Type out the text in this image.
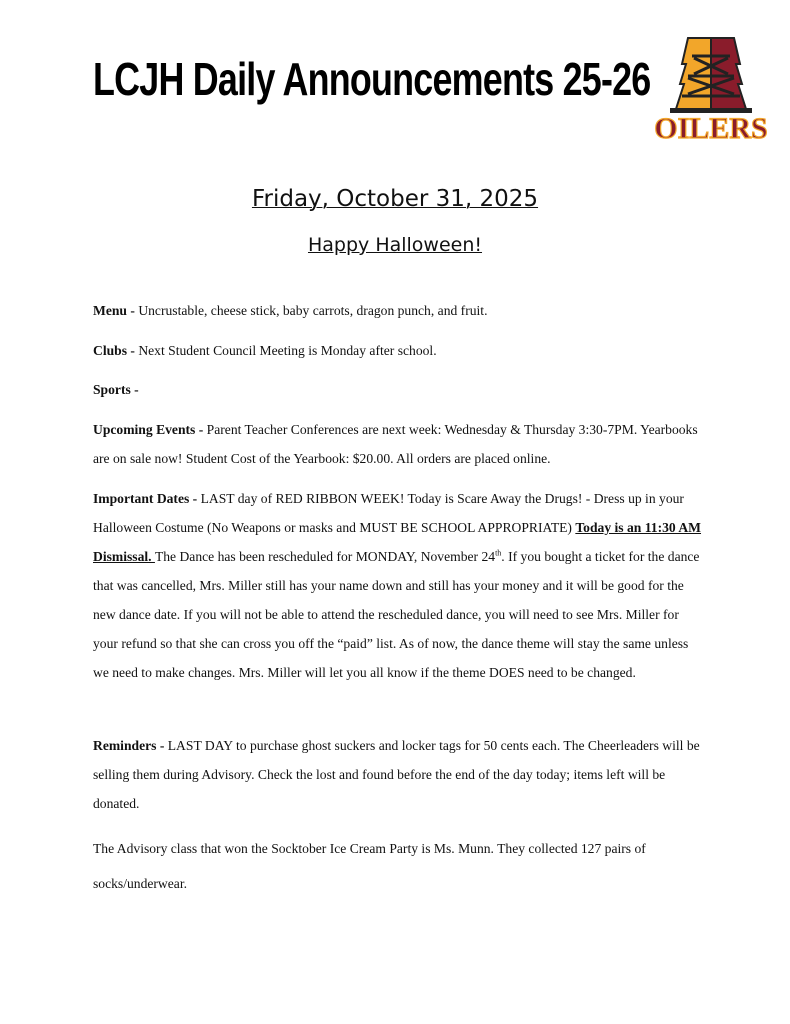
LCJH Daily Announcements 25-26
OILERS
Friday, October 31, 2025
Happy Halloween!
Menu - Uncrustable, cheese stick, baby carrots, dragon punch, and fruit.
Clubs - Next Student Council Meeting is Monday after school.
Sports -
Upcoming Events - Parent Teacher Conferences are next week: Wednesday & Thursday 3:30-7PM. Yearbooks are on sale now! Student Cost of the Yearbook: $20.00. All orders are placed online.
Important Dates - LAST day of RED RIBBON WEEK! Today is Scare Away the Drugs! - Dress up in your Halloween Costume (No Weapons or masks and MUST BE SCHOOL APPROPRIATE) Today is an 11:30 AM Dismissal. The Dance has been rescheduled for MONDAY, November 24th. If you bought a ticket for the dance that was cancelled, Mrs. Miller still has your name down and still has your money and it will be good for the new dance date. If you will not be able to attend the rescheduled dance, you will need to see Mrs. Miller for your refund so that she can cross you off the “paid” list. As of now, the dance theme will stay the same unless we need to make changes. Mrs. Miller will let you all know if the theme DOES need to be changed.
Reminders - LAST DAY to purchase ghost suckers and locker tags for 50 cents each. The Cheerleaders will be selling them during Advisory. Check the lost and found before the end of the day today; items left will be donated.
The Advisory class that won the Socktober Ice Cream Party is Ms. Munn. They collected 127 pairs of socks/underwear.
